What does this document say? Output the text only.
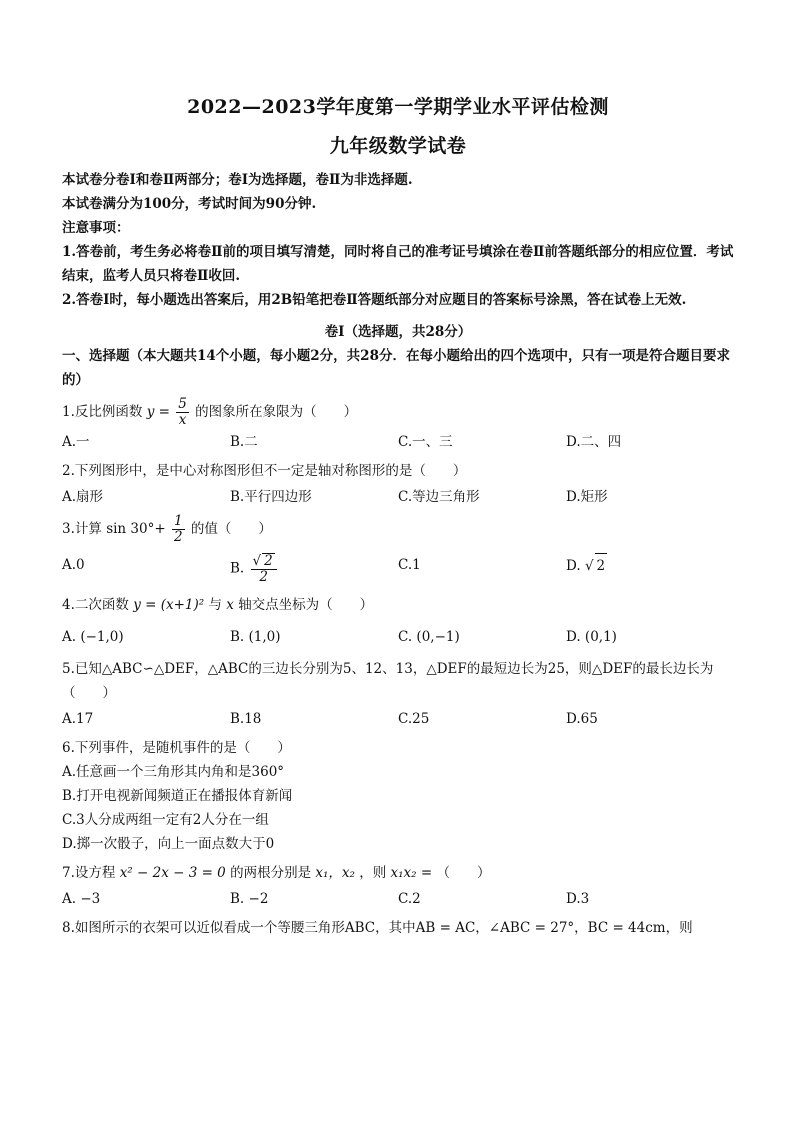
2022—2023学年度第一学期学业水平评估检测
九年级数学试卷
本试卷分卷Ⅰ和卷Ⅱ两部分；卷Ⅰ为选择题，卷Ⅱ为非选择题.
本试卷满分为100分，考试时间为90分钟.
注意事项：
1.答卷前，考生务必将卷Ⅱ前的项目填写清楚，同时将自己的准考证号填涂在卷Ⅱ前答题纸部分的相应位置．考试结束，监考人员只将卷Ⅱ收回.
2.答卷Ⅰ时，每小题选出答案后，用2B铅笔把卷Ⅱ答题纸部分对应题目的答案标号涂黑，答在试卷上无效.
卷Ⅰ（选择题，共28分）
一、选择题（本大题共14个小题，每小题2分，共28分．在每小题给出的四个选项中，只有一项是符合题目要求的）
1.反比例函数 $y = \frac{5}{x}$ 的图象所在象限为（　　）
A.一	B.二	C.一、三	D.二、四
2.下列图形中，是中心对称图形但不一定是轴对称图形的是（　　）
A.扇形	B.平行四边形	C.等边三角形	D.矩形
3.计算 $\sin 30^\circ+ \frac{1}{2}$ 的值（　　）
A.0	B. $\frac{√ 2}{2}$	C.1	D. √ 2
4.二次函数 y = (x+1)² 与 x 轴交点坐标为（　　）
A. (−1,0)	B. (1,0)	C. (0,−1)	D. (0,1)
5.已知△ABC∽△DEF，△ABC的三边长分别为5、12、13，△DEF的最短边长为25，则△DEF的最长边长为（　　）
A.17	B.18	C.25	D.65
6.下列事件，是随机事件的是（　　）
A.任意画一个三角形其内角和是360°
B.打开电视新闻频道正在播报体育新闻
C.3人分成两组一定有2人分在一组
D.掷一次骰子，向上一面点数大于0
7.设方程 x² − 2x − 3 = 0 的两根分别是 x₁，x₂ ，则 x₁x₂ = （　　）
A. −3	B. −2	C.2	D.3
8.如图所示的衣架可以近似看成一个等腰三角形ABC，其中AB = AC，∠ABC = 27°，BC = 44cm，则
